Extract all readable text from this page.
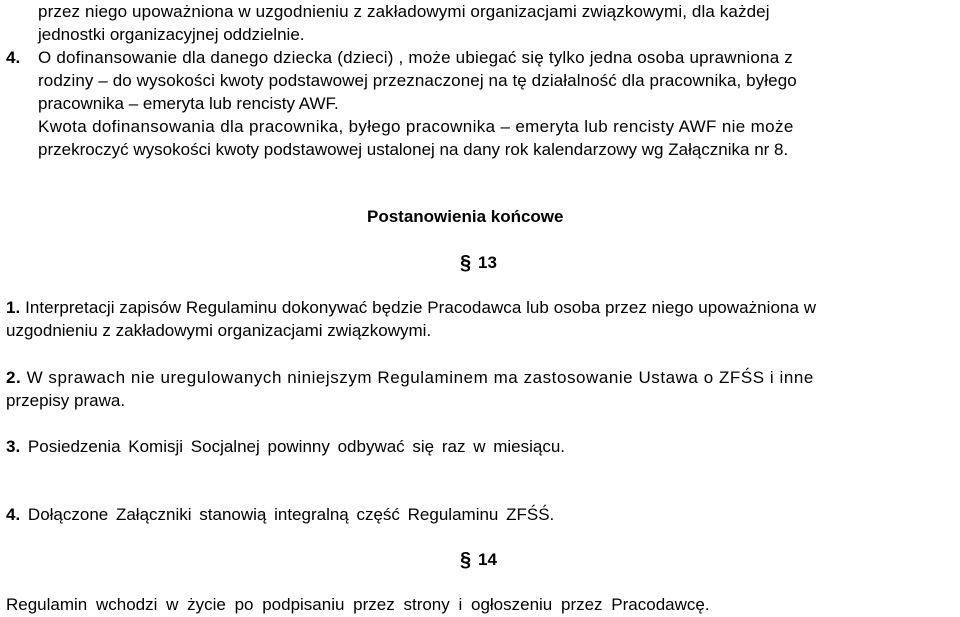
przez niego upoważniona w uzgodnieniu z zakładowymi organizacjami związkowymi, dla każdej
jednostki organizacyjnej oddzielnie.
4. O dofinansowanie dla danego dziecka (dzieci) , może ubiegać się tylko jedna osoba uprawniona z
rodziny – do wysokości kwoty podstawowej przeznaczonej na tę działalność dla pracownika, byłego
pracownika – emeryta lub rencisty AWF.
Kwota dofinansowania dla pracownika, byłego pracownika – emeryta lub rencisty AWF nie może
przekroczyć wysokości kwoty podstawowej ustalonej na dany rok kalendarzowy wg Załącznika nr 8.
Postanowienia końcowe
§ 13
1. Interpretacji zapisów Regulaminu dokonywać będzie Pracodawca lub osoba przez niego upoważniona w
uzgodnieniu z zakładowymi organizacjami związkowymi.
2. W sprawach nie uregulowanych niniejszym Regulaminem ma zastosowanie Ustawa o ZFŚS i inne
przepisy prawa.
3. Posiedzenia Komisji Socjalnej powinny odbywać się raz w miesiącu.
4. Dołączone Załączniki stanowią integralną część Regulaminu ZFŚŚ.
§ 14
Regulamin wchodzi w życie po podpisaniu przez strony i ogłoszeniu przez Pracodawcę.
